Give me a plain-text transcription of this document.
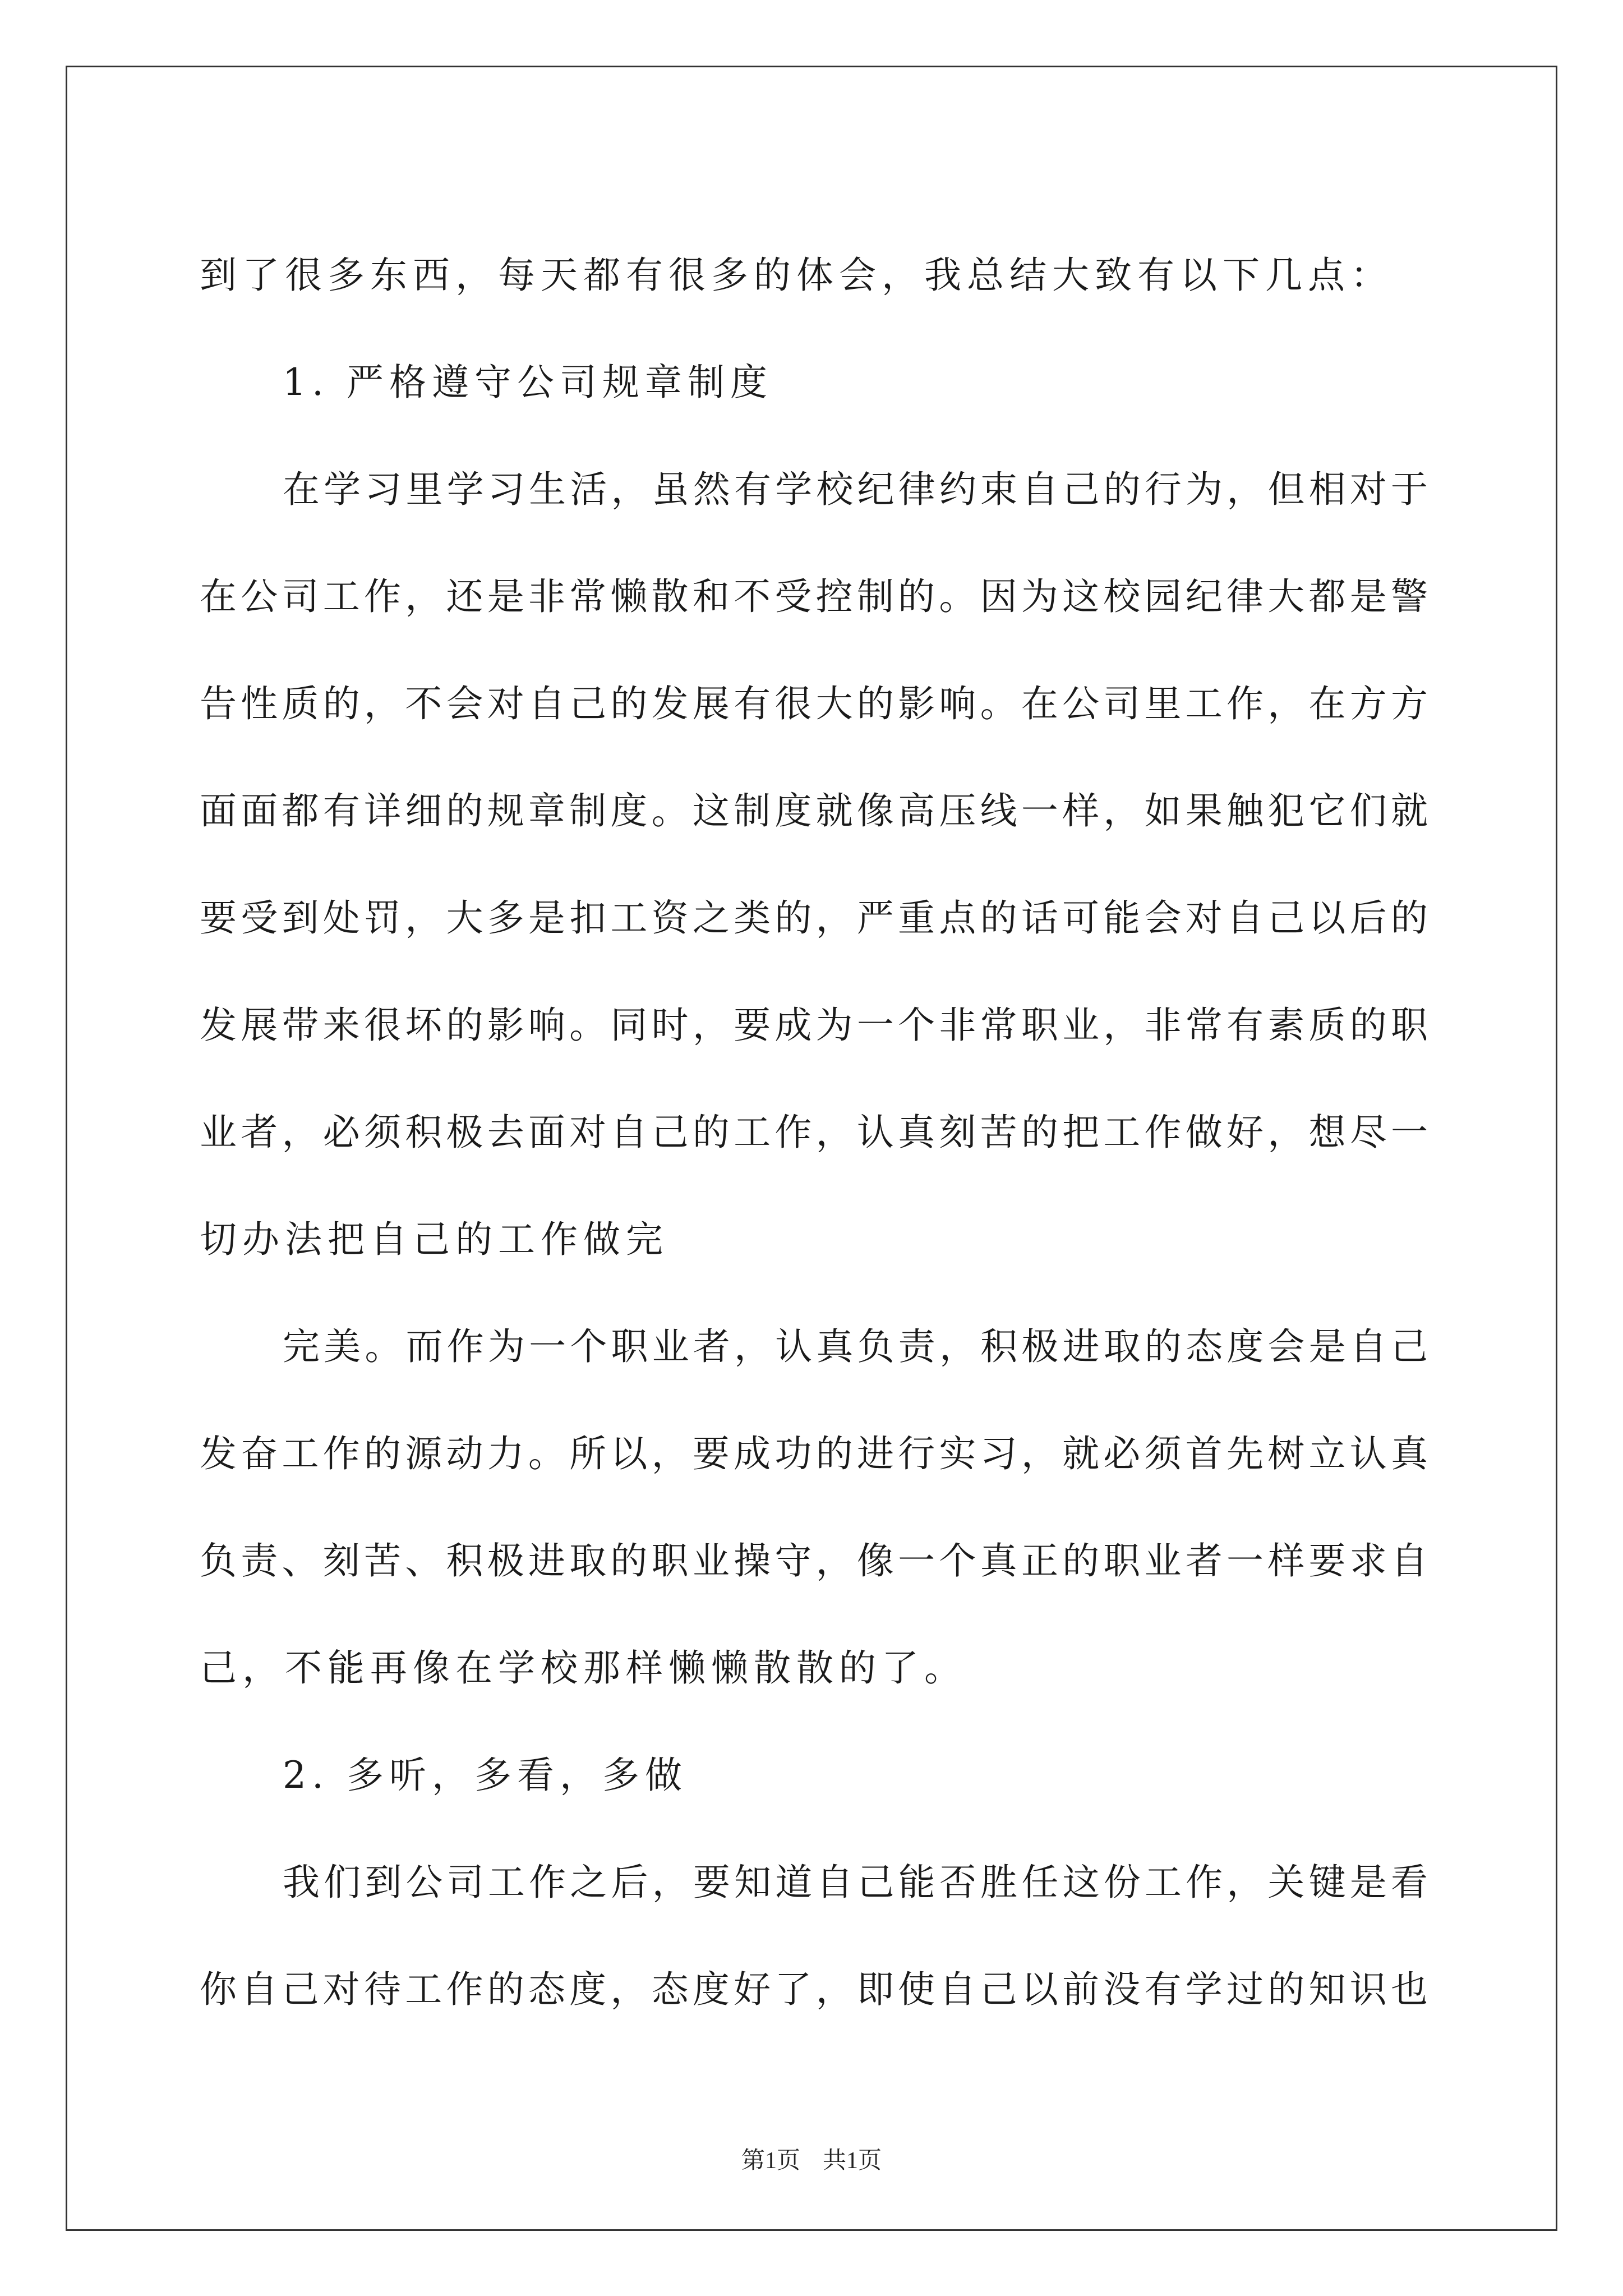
到了很多东西，每天都有很多的体会，我总结大致有以下几点：
1. 严格遵守公司规章制度
在学习里学习生活，虽然有学校纪律约束自己的行为，但相对于
在公司工作，还是非常懒散和不受控制的。因为这校园纪律大都是警
告性质的，不会对自己的发展有很大的影响。在公司里工作，在方方
面面都有详细的规章制度。这制度就像高压线一样，如果触犯它们就
要受到处罚，大多是扣工资之类的，严重点的话可能会对自己以后的
发展带来很坏的影响。同时，要成为一个非常职业，非常有素质的职
业者，必须积极去面对自己的工作，认真刻苦的把工作做好，想尽一
切办法把自己的工作做完
完美。而作为一个职业者，认真负责，积极进取的态度会是自己
发奋工作的源动力。所以，要成功的进行实习，就必须首先树立认真
负责、刻苦、积极进取的职业操守，像一个真正的职业者一样要求自
己，不能再像在学校那样懒懒散散的了。
2. 多听，多看，多做
我们到公司工作之后，要知道自己能否胜任这份工作，关键是看
你自己对待工作的态度，态度好了，即使自己以前没有学过的知识也
第1页 共1页
